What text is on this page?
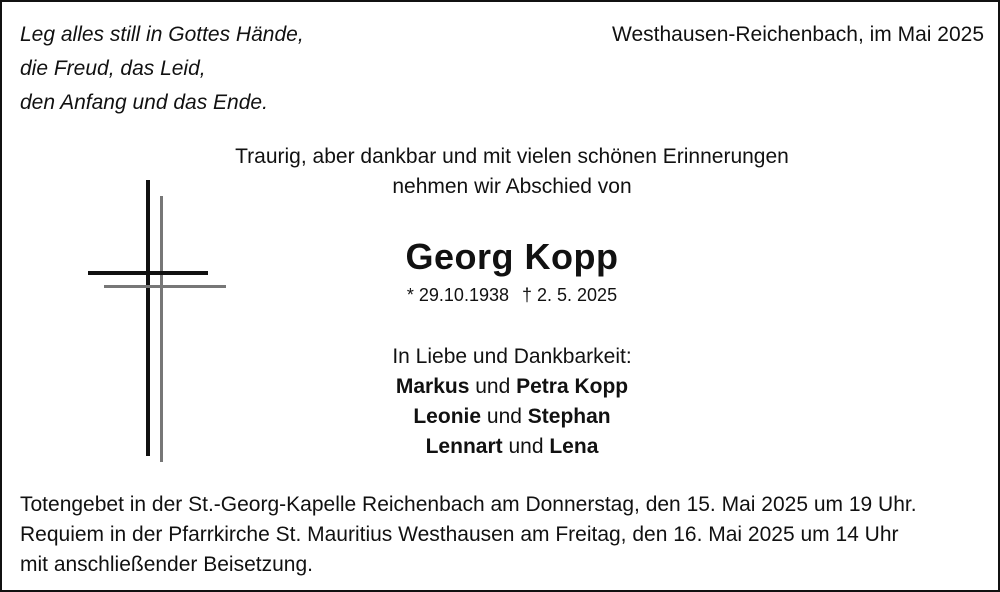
Leg alles still in Gottes Hände,
die Freud, das Leid,
den Anfang und das Ende.
Westhausen-Reichenbach, im Mai 2025
Traurig, aber dankbar und mit vielen schönen Erinnerungen
nehmen wir Abschied von
Georg Kopp
* 29.10.1938 † 2. 5. 2025
In Liebe und Dankbarkeit:
Markus und Petra Kopp
Leonie und Stephan
Lennart und Lena
Totengebet in der St.-Georg-Kapelle Reichenbach am Donnerstag, den 15. Mai 2025 um 19 Uhr.
Requiem in der Pfarrkirche St. Mauritius Westhausen am Freitag, den 16. Mai 2025 um 14 Uhr
mit anschließender Beisetzung.
